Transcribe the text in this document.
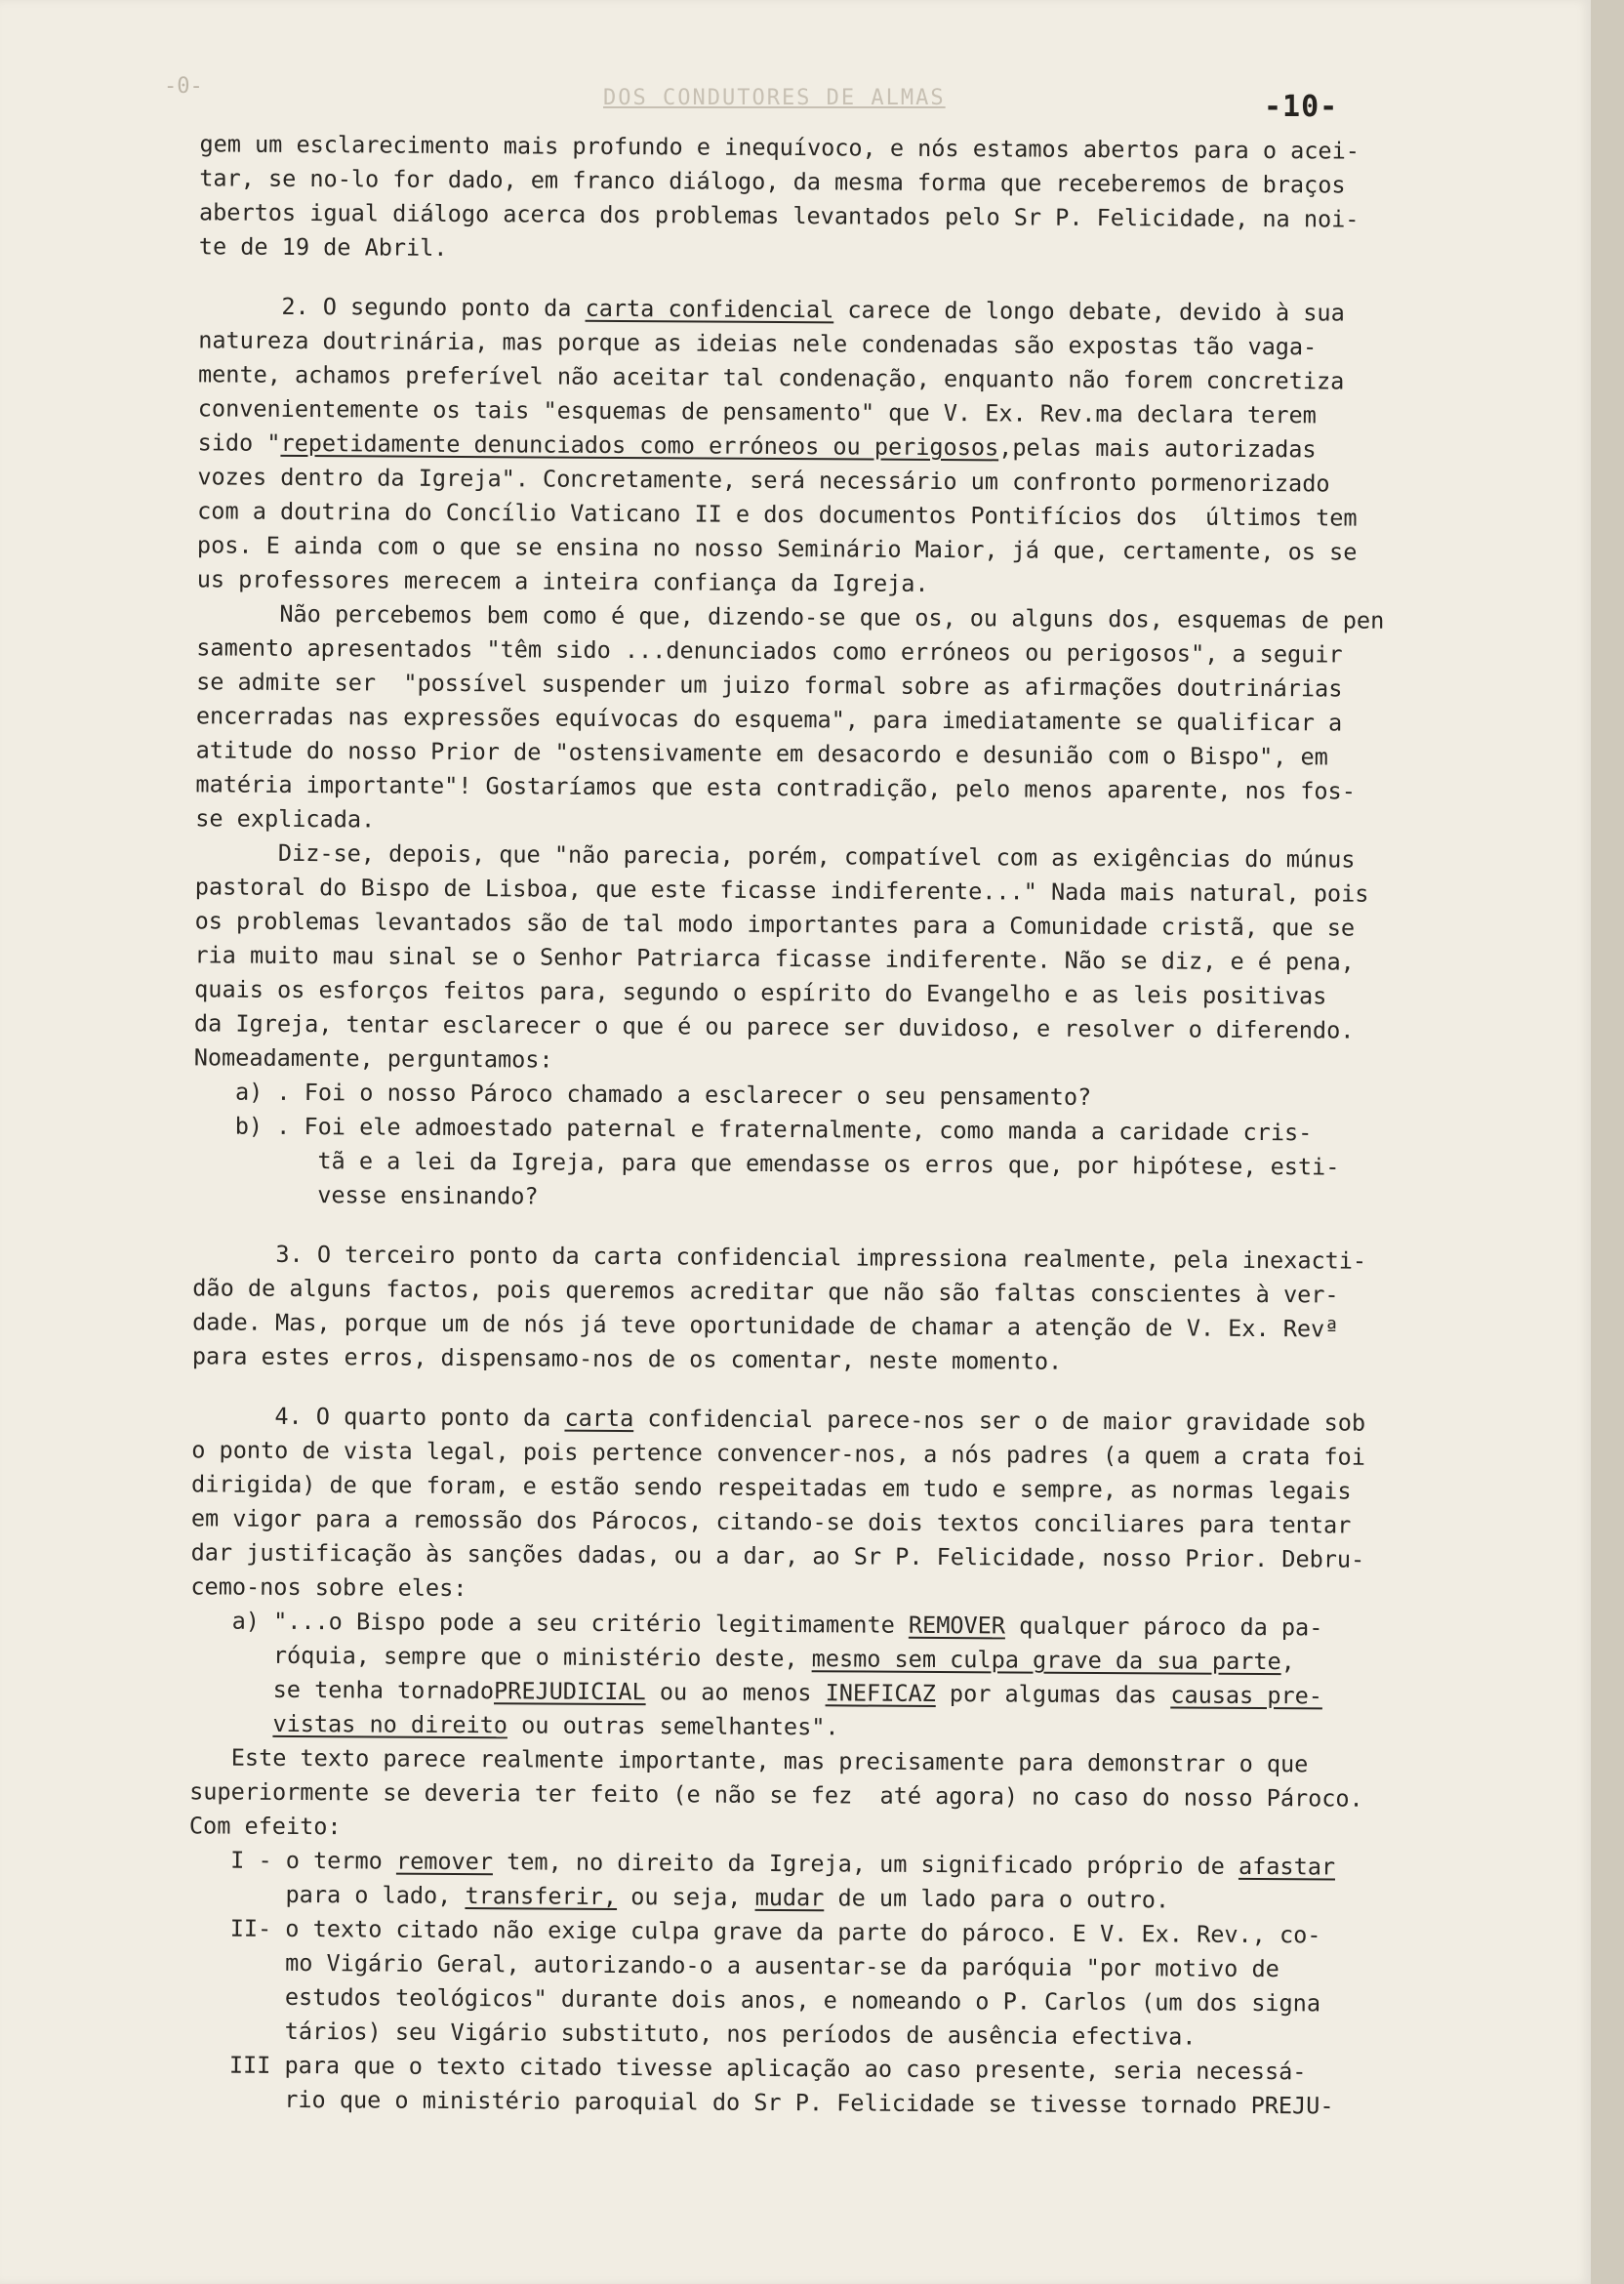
-0-	DOS CONDUTORES DE ALMAS	-10-
gem um esclarecimento mais profundo e inequívoco, e nós estamos abertos para o acei-
tar, se no-lo for dado, em franco diálogo, da mesma forma que receberemos de braços
abertos igual diálogo acerca dos problemas levantados pelo Sr P. Felicidade, na noi-
te de 19 de Abril.
2. O segundo ponto da carta confidencial carece de longo debate, devido à sua
natureza doutrinária, mas porque as ideias nele condenadas são expostas tão vaga-
mente, achamos preferível não aceitar tal condenação, enquanto não forem concretiza
convenientemente os tais "esquemas de pensamento" que V. Ex. Rev.ma declara terem
sido "repetidamente denunciados como erróneos ou perigosos,pelas mais autorizadas
vozes dentro da Igreja". Concretamente, será necessário um confronto pormenorizado
com a doutrina do Concílio Vaticano II e dos documentos Pontifícios dos  últimos tem
pos. E ainda com o que se ensina no nosso Seminário Maior, já que, certamente, os se
us professores merecem a inteira confiança da Igreja.
Não percebemos bem como é que, dizendo-se que os, ou alguns dos, esquemas de pen
samento apresentados "têm sido ...denunciados como erróneos ou perigosos", a seguir
se admite ser  "possível suspender um juizo formal sobre as afirmações doutrinárias
encerradas nas expressões equívocas do esquema", para imediatamente se qualificar a
atitude do nosso Prior de "ostensivamente em desacordo e desunião com o Bispo", em
matéria importante"! Gostaríamos que esta contradição, pelo menos aparente, nos fos-
se explicada.
Diz-se, depois, que "não parecia, porém, compatível com as exigências do múnus
pastoral do Bispo de Lisboa, que este ficasse indiferente..." Nada mais natural, pois
os problemas levantados são de tal modo importantes para a Comunidade cristã, que se
ria muito mau sinal se o Senhor Patriarca ficasse indiferente. Não se diz, e é pena,
quais os esforços feitos para, segundo o espírito do Evangelho e as leis positivas
da Igreja, tentar esclarecer o que é ou parece ser duvidoso, e resolver o diferendo.
Nomeadamente, perguntamos:
a) . Foi o nosso Pároco chamado a esclarecer o seu pensamento?
b) . Foi ele admoestado paternal e fraternalmente, como manda a caridade cris-
tã e a lei da Igreja, para que emendasse os erros que, por hipótese, esti-
vesse ensinando?
3. O terceiro ponto da carta confidencial impressiona realmente, pela inexacti-
dão de alguns factos, pois queremos acreditar que não são faltas conscientes à ver-
dade. Mas, porque um de nós já teve oportunidade de chamar a atenção de V. Ex. Revª
para estes erros, dispensamo-nos de os comentar, neste momento.
4. O quarto ponto da carta confidencial parece-nos ser o de maior gravidade sob
o ponto de vista legal, pois pertence convencer-nos, a nós padres (a quem a crata foi
dirigida) de que foram, e estão sendo respeitadas em tudo e sempre, as normas legais
em vigor para a remossão dos Párocos, citando-se dois textos conciliares para tentar
dar justificação às sanções dadas, ou a dar, ao Sr P. Felicidade, nosso Prior. Debru-
cemo-nos sobre eles:
a) "...o Bispo pode a seu critério legitimamente REMOVER qualquer pároco da pa-
róquia, sempre que o ministério deste, mesmo sem culpa grave da sua parte,
se tenha tornadoPREJUDICIAL ou ao menos INEFICAZ por algumas das causas pre-
vistas no direito ou outras semelhantes".
Este texto parece realmente importante, mas precisamente para demonstrar o que
superiormente se deveria ter feito (e não se fez  até agora) no caso do nosso Pároco.
Com efeito:
I - o termo remover tem, no direito da Igreja, um significado próprio de afastar
para o lado, transferir, ou seja, mudar de um lado para o outro.
II- o texto citado não exige culpa grave da parte do pároco. E V. Ex. Rev., co-
mo Vigário Geral, autorizando-o a ausentar-se da paróquia "por motivo de
estudos teológicos" durante dois anos, e nomeando o P. Carlos (um dos signa
tários) seu Vigário substituto, nos períodos de ausência efectiva.
III para que o texto citado tivesse aplicação ao caso presente, seria necessá-
rio que o ministério paroquial do Sr P. Felicidade se tivesse tornado PREJU-
